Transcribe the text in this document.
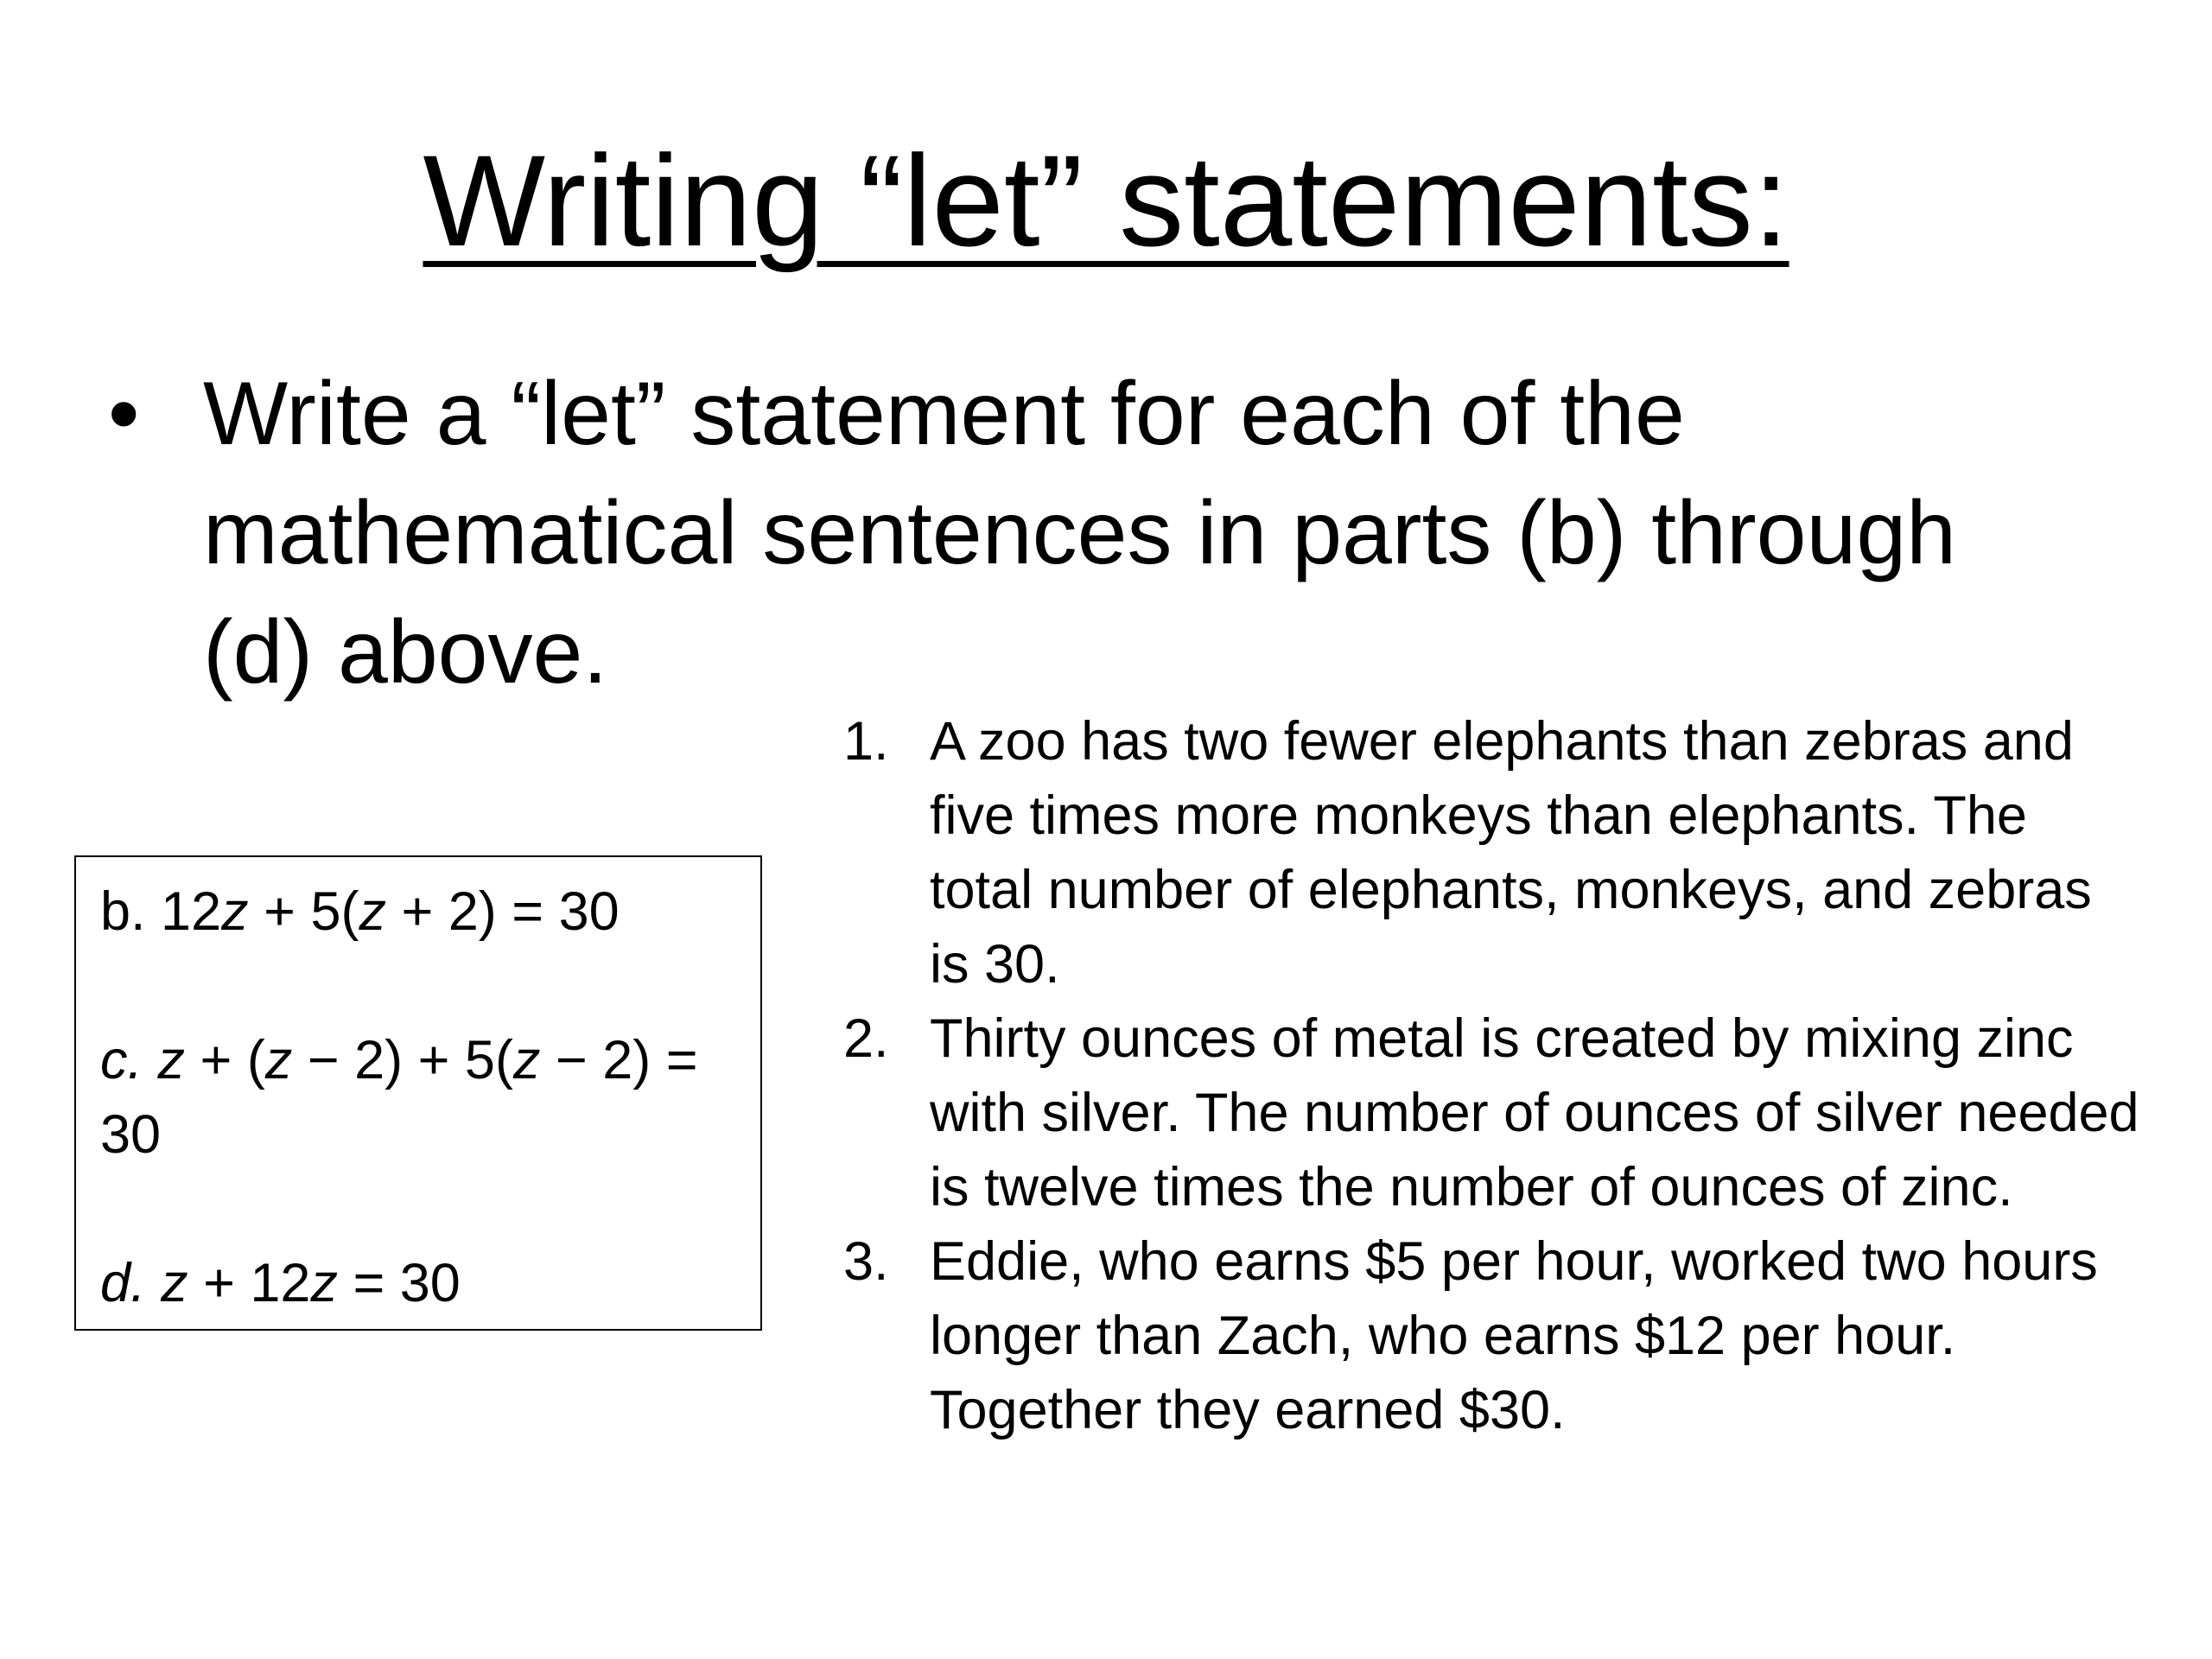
Writing “let” statements:
• Write a “let” statement for each of the mathematical sentences in parts (b) through (d) above.

b. 12z + 5(z + 2) = 30

c. z + (z − 2) + 5(z − 2) = 30

d. z + 12z = 30

1. A zoo has two fewer elephants than zebras and five times more monkeys than elephants. The total number of elephants, monkeys, and zebras is 30.
2. Thirty ounces of metal is created by mixing zinc with silver. The number of ounces of silver needed is twelve times the number of ounces of zinc.
3. Eddie, who earns $5 per hour, worked two hours longer than Zach, who earns $12 per hour. Together they earned $30.
